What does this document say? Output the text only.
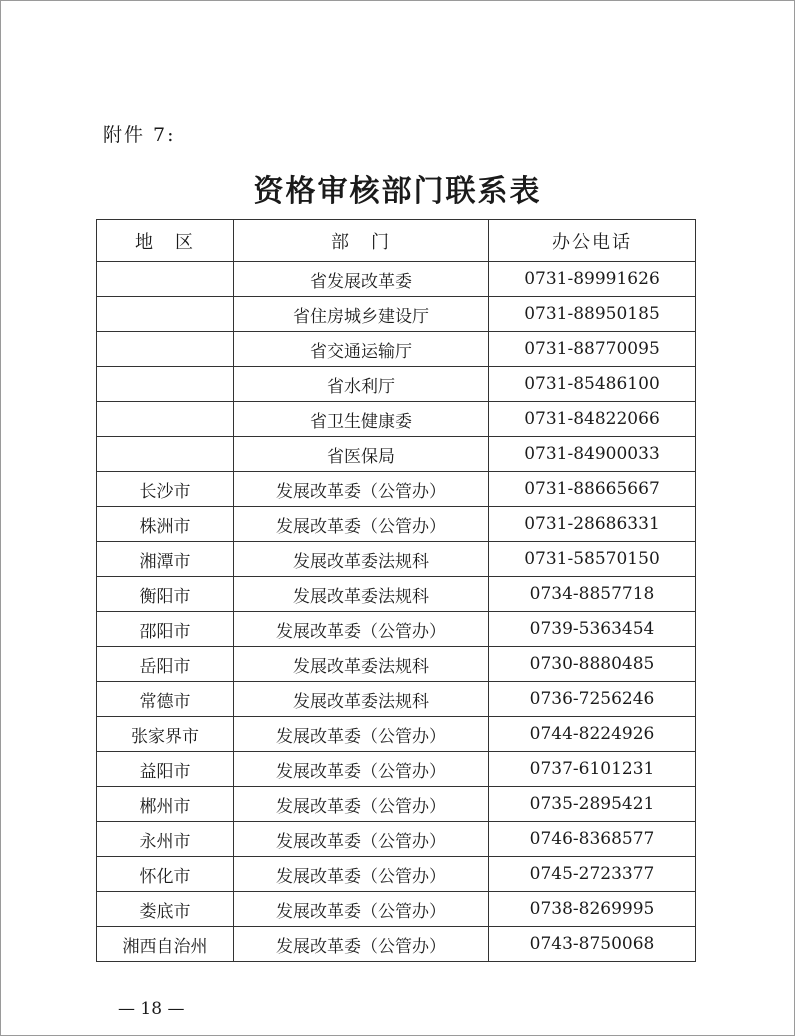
附件 7:
资格审核部门联系表
地　区	部　门	办公电话
	省发展改革委	0731-89991626
	省住房城乡建设厅	0731-88950185
	省交通运输厅	0731-88770095
	省水利厅	0731-85486100
	省卫生健康委	0731-84822066
	省医保局	0731-84900033
长沙市	发展改革委（公管办）	0731-88665667
株洲市	发展改革委（公管办）	0731-28686331
湘潭市	发展改革委法规科	0731-58570150
衡阳市	发展改革委法规科	0734-8857718
邵阳市	发展改革委（公管办）	0739-5363454
岳阳市	发展改革委法规科	0730-8880485
常德市	发展改革委法规科	0736-7256246
张家界市	发展改革委（公管办）	0744-8224926
益阳市	发展改革委（公管办）	0737-6101231
郴州市	发展改革委（公管办）	0735-2895421
永州市	发展改革委（公管办）	0746-8368577
怀化市	发展改革委（公管办）	0745-2723377
娄底市	发展改革委（公管办）	0738-8269995
湘西自治州	发展改革委（公管办）	0743-8750068
— 18 —
